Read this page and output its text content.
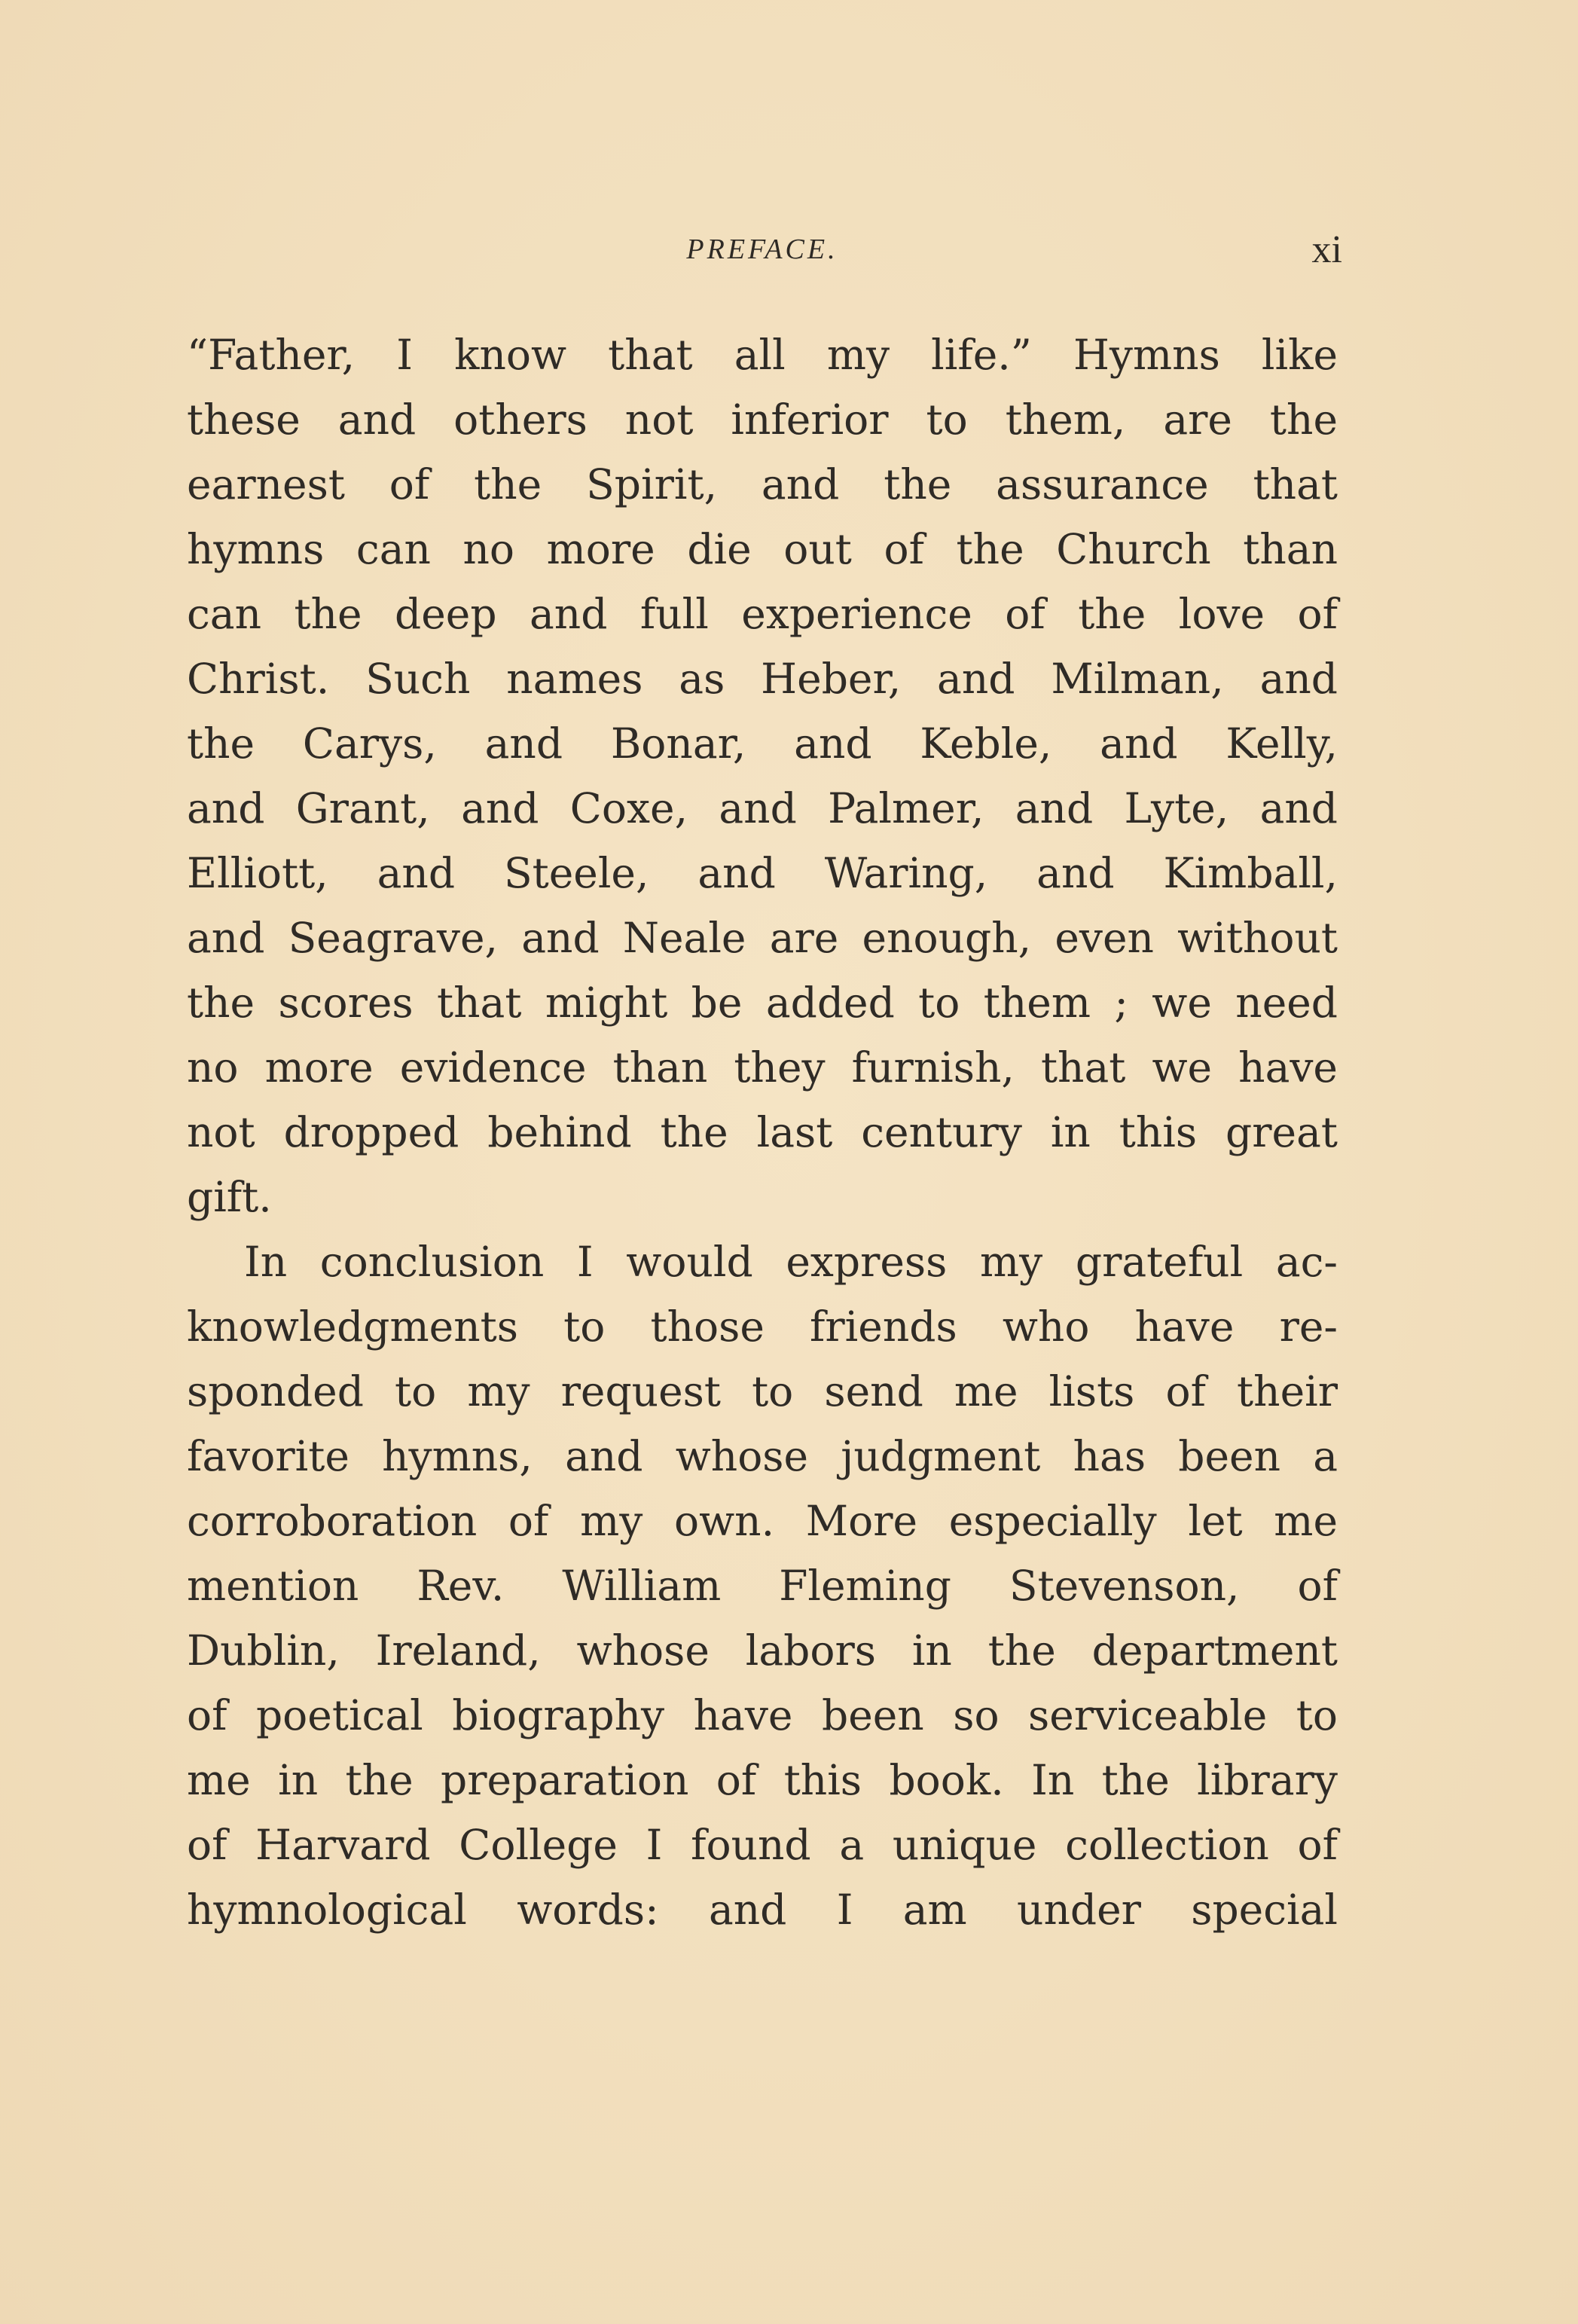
PREFACE.	xi
“Father, I know that all my life.” Hymns like
these and others not inferior to them, are the
earnest of the Spirit, and the assurance that
hymns can no more die out of the Church than
can the deep and full experience of the love of
Christ. Such names as Heber, and Milman, and
the Carys, and Bonar, and Keble, and Kelly,
and Grant, and Coxe, and Palmer, and Lyte, and
Elliott, and Steele, and Waring, and Kimball,
and Seagrave, and Neale are enough, even without
the scores that might be added to them ; we need
no more evidence than they furnish, that we have
not dropped behind the last century in this great
gift.
In conclusion I would express my grateful ac-
knowledgments to those friends who have re-
sponded to my request to send me lists of their
favorite hymns, and whose judgment has been a
corroboration of my own. More especially let me
mention Rev. William Fleming Stevenson, of
Dublin, Ireland, whose labors in the department
of poetical biography have been so serviceable to
me in the preparation of this book. In the library
of Harvard College I found a unique collection of
hymnological words: and I am under special
